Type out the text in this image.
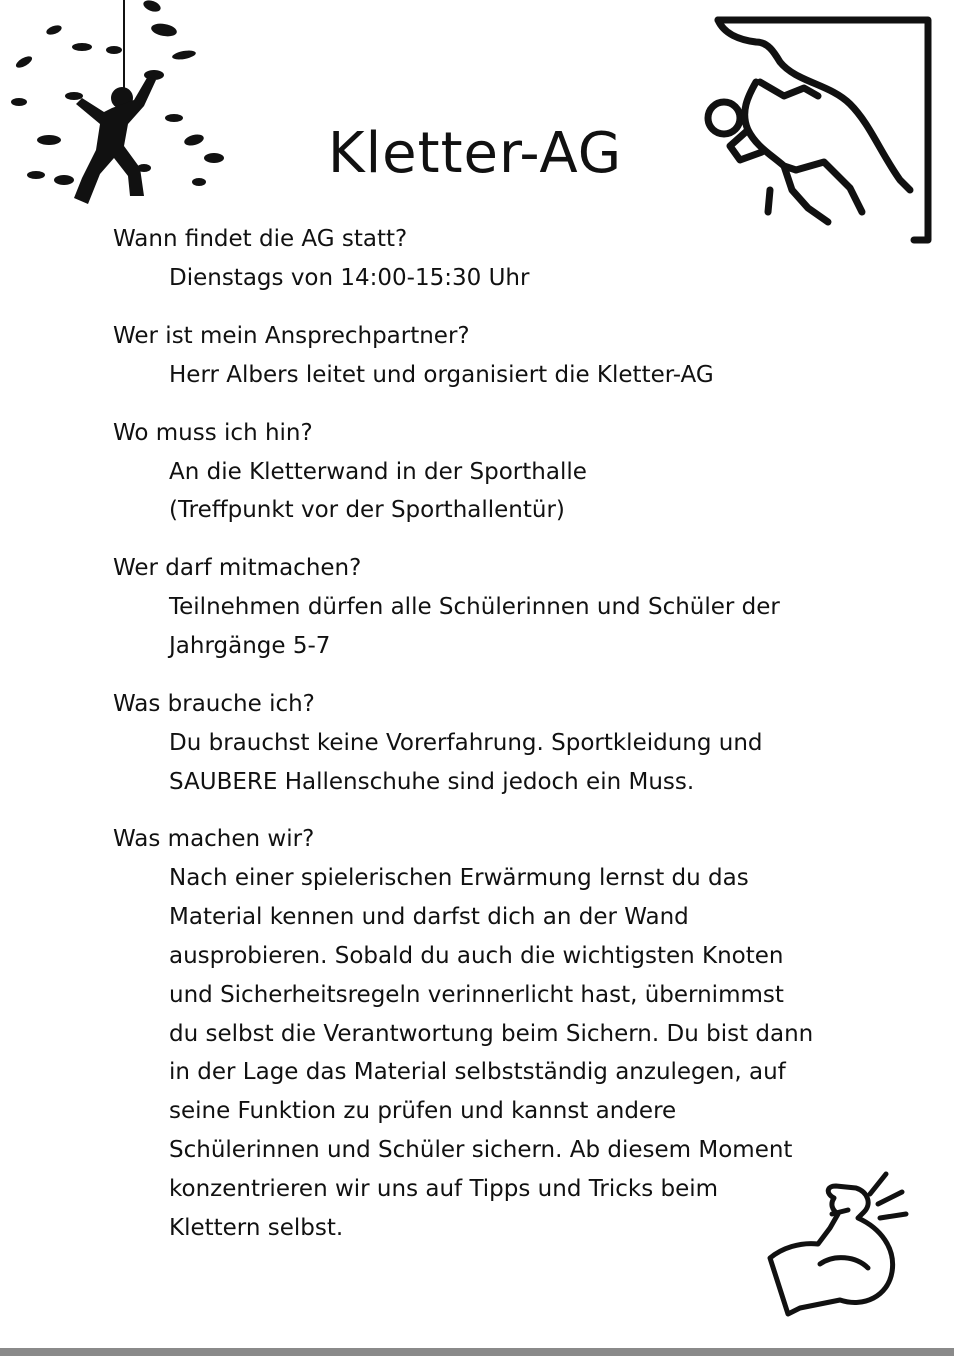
Kletter-AG

Wann findet die AG statt?

Dienstags von 14:00-15:30 Uhr

Wer ist mein Ansprechpartner?

Herr Albers leitet und organisiert die Kletter-AG

Wo muss ich hin?

An die Kletterwand in der Sporthalle

(Treffpunkt vor der Sporthallentür)

Wer darf mitmachen?

Teilnehmen dürfen alle Schülerinnen und Schüler der

Jahrgänge 5-7

Was brauche ich?

Du brauchst keine Vorerfahrung. Sportkleidung und

SAUBERE Hallenschuhe sind jedoch ein Muss.

Was machen wir?

Nach einer spielerischen Erwärmung lernst du das

Material kennen und darfst dich an der Wand

ausprobieren. Sobald du auch die wichtigsten Knoten

und Sicherheitsregeln verinnerlicht hast, übernimmst

du selbst die Verantwortung beim Sichern. Du bist dann

in der Lage das Material selbstständig anzulegen, auf

seine Funktion zu prüfen und kannst andere

Schülerinnen und Schüler sichern. Ab diesem Moment

konzentrieren wir uns auf Tipps und Tricks beim

Klettern selbst.
